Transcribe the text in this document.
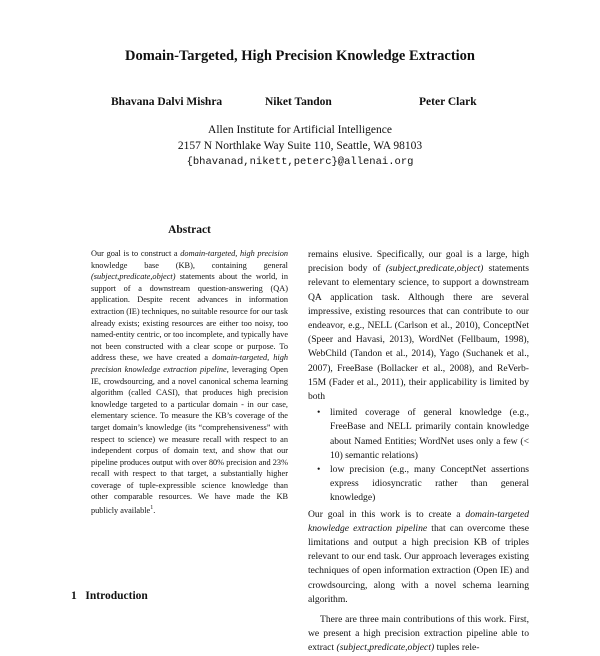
Domain-Targeted, High Precision Knowledge Extraction
Bhavana Dalvi Mishra	Niket Tandon	Peter Clark
Allen Institute for Artificial Intelligence
2157 N Northlake Way Suite 110, Seattle, WA 98103
{bhavanad,nikett,peterc}@allenai.org
Abstract

Our goal is to construct a domain-targeted, high precision knowledge base (KB), containing general (subject,predicate,object) statements about the world, in support of a downstream question-answering (QA) application. Despite recent advances in information extraction (IE) techniques, no suitable resource for our task already exists; existing resources are either too noisy, too named-entity centric, or too incomplete, and typically have not been constructed with a clear scope or purpose. To address these, we have created a domain-targeted, high precision knowledge extraction pipeline, leveraging Open IE, crowdsourcing, and a novel canonical schema learning algorithm (called CASI), that produces high precision knowledge targeted to a particular domain - in our case, elementary science. To measure the KB’s coverage of the target domain’s knowledge (its “comprehensiveness” with respect to science) we measure recall with respect to an independent corpus of domain text, and show that our pipeline produces output with over 80% precision and 23% recall with respect to that target, a substantially higher coverage of tuple-expressible science knowledge than other comparable resources. We have made the KB publicly available$^1$.

remains elusive. Specifically, our goal is a large, high precision body of (subject,predicate,object) statements relevant to elementary science, to support a downstream QA application task. Although there are several impressive, existing resources that can contribute to our endeavor, e.g., NELL (Carlson et al., 2010), ConceptNet (Speer and Havasi, 2013), WordNet (Fellbaum, 1998), WebChild (Tandon et al., 2014), Yago (Suchanek et al., 2007), FreeBase (Bollacker et al., 2008), and ReVerb-15M (Fader et al., 2011), their applicability is limited by both

• limited coverage of general knowledge (e.g., FreeBase and NELL primarily contain knowledge about Named Entities; WordNet uses only a few (< 10) semantic relations)
• low precision (e.g., many ConceptNet assertions express idiosyncratic rather than general knowledge)

Our goal in this work is to create a domain-targeted knowledge extraction pipeline that can overcome these limitations and output a high precision KB of triples relevant to our end task. Our approach leverages existing techniques of open information extraction (Open IE) and crowdsourcing, along with a novel schema learning algorithm.

There are three main contributions of this work. First, we present a high precision extraction pipeline able to extract (subject,predicate,object) tuples rele-

1 Introduction
